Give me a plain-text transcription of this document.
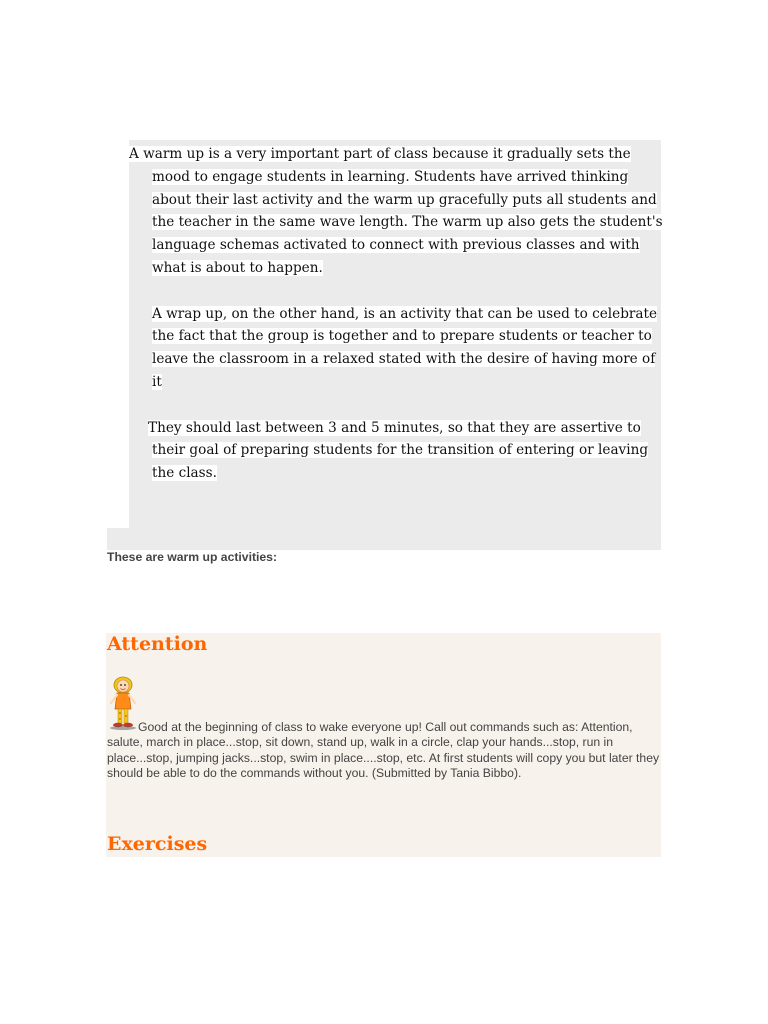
A warm up is a very important part of class because it gradually sets the mood to engage students in learning. Students have arrived thinking about their last activity and the warm up gracefully puts all students and the teacher in the same wave length. The warm up also gets the student's language schemas activated to connect with previous classes and with what is about to happen.

A wrap up, on the other hand, is an activity that can be used to celebrate the fact that the group is together and to prepare students or teacher to leave the classroom in a relaxed stated with the desire of having more of it

They should last between 3 and 5 minutes, so that they are assertive to their goal of preparing students for the transition of entering or leaving the class.

These are warm up activities:
Attention
Good at the beginning of class to wake everyone up! Call out commands such as: Attention, salute, march in place...stop, sit down, stand up, walk in a circle, clap your hands...stop, run in place...stop, jumping jacks...stop, swim in place....stop, etc. At first students will copy you but later they should be able to do the commands without you. (Submitted by Tania Bibbo).
Exercises
